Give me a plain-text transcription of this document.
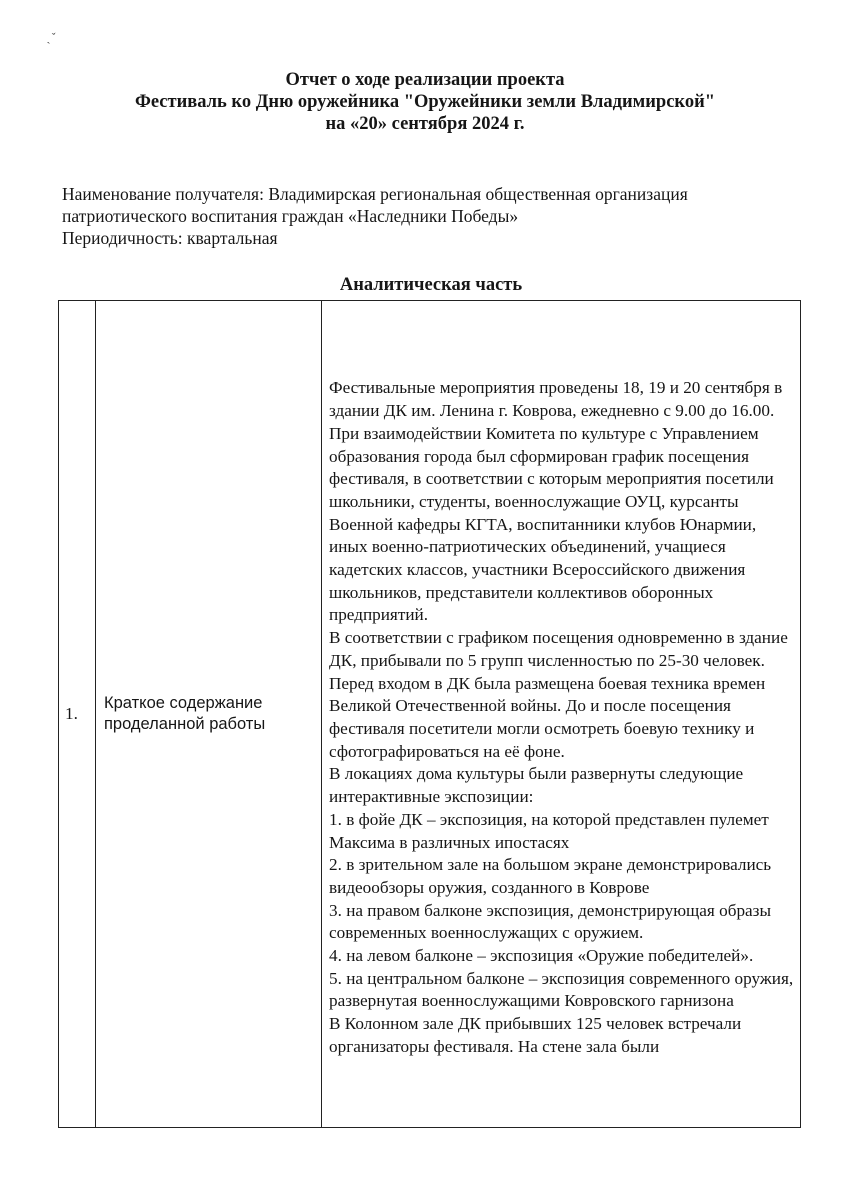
ˏ ˇ
Отчет о ходе реализации проекта
Фестиваль ко Дню оружейника "Оружейники земли Владимирской"
на «20» сентября 2024 г.
Наименование получателя: Владимирская региональная общественная организация
патриотического воспитания граждан «Наследники Победы»
Периодичность: квартальная
Аналитическая часть
1.	Краткое содержание проделанной работы	

Фестивальные мероприятия проведены 18, 19 и 20 сентября в здании ДК им. Ленина г. Коврова, ежедневно с 9.00 до 16.00.

При взаимодействии Комитета по культуре с Управлением образования города был сформирован график посещения фестиваля, в соответствии с которым мероприятия посетили школьники, студенты, военнослужащие ОУЦ, курсанты Военной кафедры КГТА, воспитанники клубов Юнармии, иных военно-патриотических объединений, учащиеся кадетских классов, участники Всероссийского движения школьников, представители коллективов оборонных предприятий.

В соответствии с графиком посещения одновременно в здание ДК, прибывали по 5 групп численностью по 25-30 человек.

Перед входом в ДК была размещена боевая техника времен Великой Отечественной войны. До и после посещения фестиваля посетители могли осмотреть боевую технику и сфотографироваться на её фоне.

В локациях дома культуры были развернуты следующие интерактивные экспозиции:

1. в фойе ДК – экспозиция, на которой представлен пулемет Максима в различных ипостасях

2. в зрительном зале на большом экране демонстрировались видеообзоры оружия, созданного в Коврове

3. на правом балконе экспозиция, демонстрирующая образы современных военнослужащих с оружием.

4. на левом балконе – экспозиция «Оружие победителей».

5. на центральном балконе – экспозиция современного оружия, развернутая военнослужащими Ковровского гарнизона

В Колонном зале ДК прибывших 125 человек встречали организаторы фестиваля. На стене зала были
